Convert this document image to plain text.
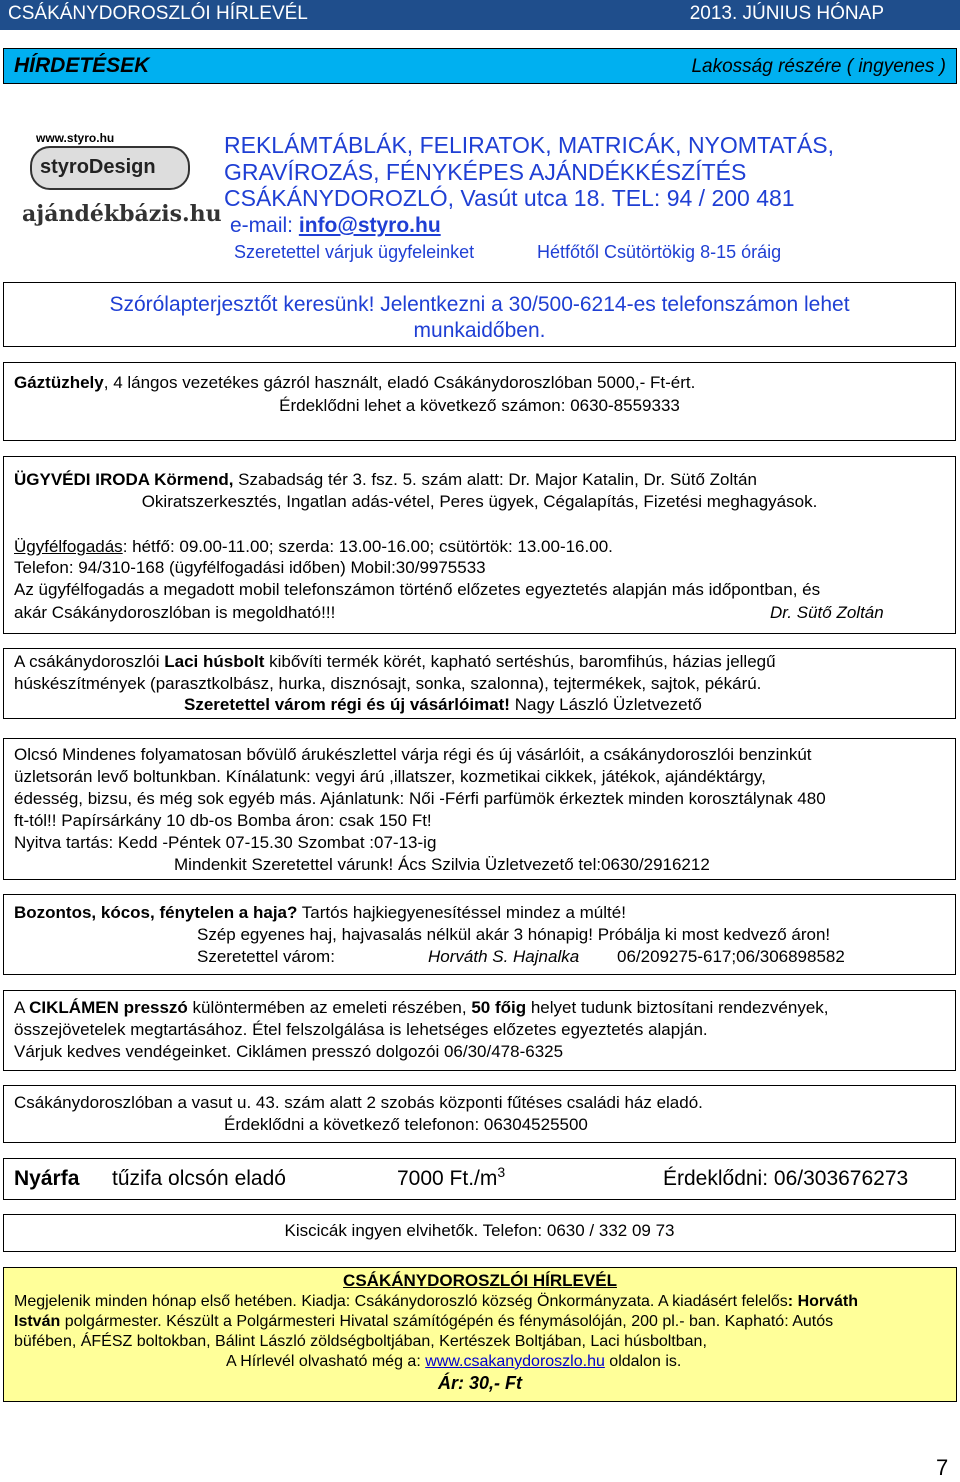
CSÁKÁNYDOROSZLÓI HÍRLEVÉL	2013. JÚNIUS HÓNAP
HÍRDETÉSEK	Lakosság részére ( ingyenes )
www.styro.hu
styroDesign
ajándékbázis.hu
REKLÁMTÁBLÁK, FELIRATOK, MATRICÁK, NYOMTATÁS,
GRAVÍROZÁS, FÉNYKÉPES AJÁNDÉKKÉSZÍTÉS
CSÁKÁNYDOROZLÓ, Vasút utca 18. TEL: 94 / 200 481
e-mail: info@styro.hu
Szeretettel várjuk ügyfeleinket	Hétfőtől Csütörtökig 8-15 óráig
Szórólapterjesztőt keresünk! Jelentkezni a 30/500-6214-es telefonszámon lehet
munkaidőben.
Gáztüzhely, 4 lángos vezetékes gázról használt, eladó Csákánydoroszlóban 5000,- Ft-ért.
Érdeklődni lehet a következő számon: 0630-8559333
ÜGYVÉDI IRODA Körmend, Szabadság tér 3. fsz. 5. szám alatt: Dr. Major Katalin, Dr. Sütő Zoltán
Okiratszerkesztés, Ingatlan adás-vétel, Peres ügyek, Cégalapítás, Fizetési meghagyások.
Ügyfélfogadás: hétfő: 09.00-11.00; szerda: 13.00-16.00; csütörtök: 13.00-16.00.
Telefon: 94/310-168 (ügyfélfogadási időben) Mobil:30/9975533
Az ügyfélfogadás a megadott mobil telefonszámon történő előzetes egyeztetés alapján más időpontban, és
akár Csákánydoroszlóban is megoldható!!!	Dr. Sütő Zoltán
A csákánydoroszlói Laci húsbolt kibővíti termék körét, kapható sertéshús, baromfihús, házias jellegű
húskészítmények (parasztkolbász, hurka, disznósajt, sonka, szalonna), tejtermékek, sajtok, pékárú.
Szeretettel várom régi és új vásárlóimat! Nagy László Üzletvezető
Olcsó Mindenes folyamatosan bővülő árukészlettel várja régi és új vásárlóit, a csákánydoroszlói benzinkút
üzletsorán levő boltunkban. Kínálatunk: vegyi árú ,illatszer, kozmetikai cikkek, játékok, ajándéktárgy,
édesség, bizsu, és még sok egyéb más. Ajánlatunk: Női -Férfi parfümök érkeztek minden korosztálynak 480
ft-tól!! Papírsárkány 10 db-os Bomba áron: csak 150 Ft!
Nyitva tartás: Kedd -Péntek 07-15.30 Szombat :07-13-ig
Mindenkit Szeretettel várunk! Ács Szilvia Üzletvezető tel:0630/2916212
Bozontos, kócos, fénytelen a haja? Tartós hajkiegyenesítéssel mindez a múlté!
Szép egyenes haj, hajvasalás nélkül akár 3 hónapig! Próbálja ki most kedvező áron!
Szeretettel várom:	Horváth S. Hajnalka 06/209275-617;06/306898582
A CIKLÁMEN presszó különtermében az emeleti részében, 50 főig helyet tudunk biztosítani rendezvények,
összejövetelek megtartásához. Étel felszolgálása is lehetséges előzetes egyeztetés alapján.
Várjuk kedves vendégeinket. Ciklámen presszó dolgozói 06/30/478-6325
Csákánydoroszlóban a vasut u. 43. szám alatt 2 szobás központi fűtéses családi ház eladó.
Érdeklődni a következő telefonon: 06304525500
Nyárfa tűzifa olcsón eladó	7000 $Ft./m^3$	Érdeklődni: 06/303676273
Kiscicák ingyen elvihetők. Telefon: 0630 / 332 09 73
CSÁKÁNYDOROSZLÓI HÍRLEVÉL
Megjelenik minden hónap első hetében. Kiadja: Csákánydoroszló község Önkormányzata. A kiadásért felelős: Horváth
István polgármester. Készült a Polgármesteri Hivatal számítógépén és fénymásolóján, 200 pl.- ban. Kapható: Autós
büfében, ÁFÉSZ boltokban, Bálint László zöldségboltjában, Kertészek Boltjában, Laci húsboltban,
A Hírlevél olvasható még a: www.csakanydoroszlo.hu oldalon is.
Ár: 30,- Ft
7
